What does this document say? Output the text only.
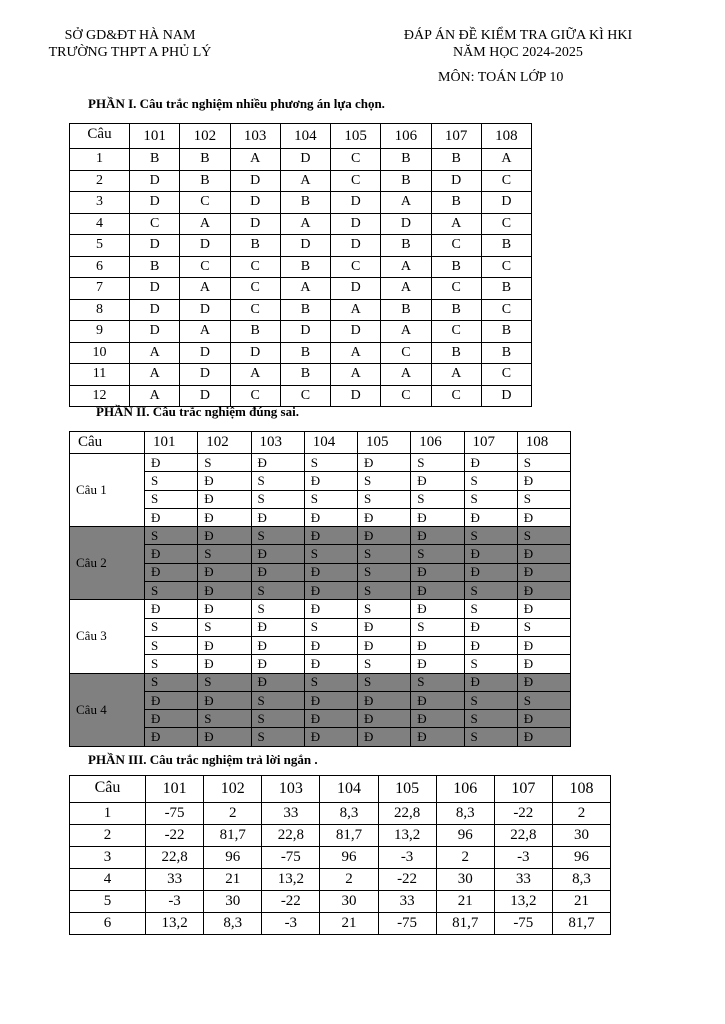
SỞ GD&ĐT HÀ NAM
TRƯỜNG THPT A PHỦ LÝ
ĐÁP ÁN ĐỀ KIỂM TRA GIỮA KÌ HKI
NĂM HỌC 2024-2025
MÔN: TOÁN LỚP 10
PHẦN I. Câu trắc nghiệm nhiều phương án lựa chọn.
Câu	101	102	103	104	105	106	107	108
1	B	B	A	D	C	B	B	A
2	D	B	D	A	C	B	D	C
3	D	C	D	B	D	A	B	D
4	C	A	D	A	D	D	A	C
5	D	D	B	D	D	B	C	B
6	B	C	C	B	C	A	B	C
7	D	A	C	A	D	A	C	B
8	D	D	C	B	A	B	B	C
9	D	A	B	D	D	A	C	B
10	A	D	D	B	A	C	B	B
11	A	D	A	B	A	A	A	C
12	A	D	C	C	D	C	C	D
PHẦN II. Câu trắc nghiệm đúng sai.
Câu	101	102	103	104	105	106	107	108
Câu 1	Đ	S	Đ	S	Đ	S	Đ	S
	S	Đ	S	Đ	S	Đ	S	Đ
	S	Đ	S	S	S	S	S	S
	Đ	Đ	Đ	Đ	Đ	Đ	Đ	Đ
Câu 2	S	Đ	S	Đ	Đ	Đ	S	S
	Đ	S	Đ	S	S	S	Đ	Đ
	Đ	Đ	Đ	Đ	S	Đ	Đ	Đ
	S	Đ	S	Đ	S	Đ	S	Đ
Câu 3	Đ	Đ	S	Đ	S	Đ	S	Đ
	S	S	Đ	S	Đ	S	Đ	S
	S	Đ	Đ	Đ	Đ	Đ	Đ	Đ
	S	Đ	Đ	Đ	S	Đ	S	Đ
Câu 4	S	S	Đ	S	S	S	Đ	Đ
	Đ	Đ	S	Đ	Đ	Đ	S	S
	Đ	S	S	Đ	Đ	Đ	S	Đ
	Đ	Đ	S	Đ	Đ	Đ	S	Đ
PHẦN III. Câu trắc nghiệm trả lời ngắn .
Câu	101	102	103	104	105	106	107	108
1	-75	2	33	8,3	22,8	8,3	-22	2
2	-22	81,7	22,8	81,7	13,2	96	22,8	30
3	22,8	96	-75	96	-3	2	-3	96
4	33	21	13,2	2	-22	30	33	8,3
5	-3	30	-22	30	33	21	13,2	21
6	13,2	8,3	-3	21	-75	81,7	-75	81,7
